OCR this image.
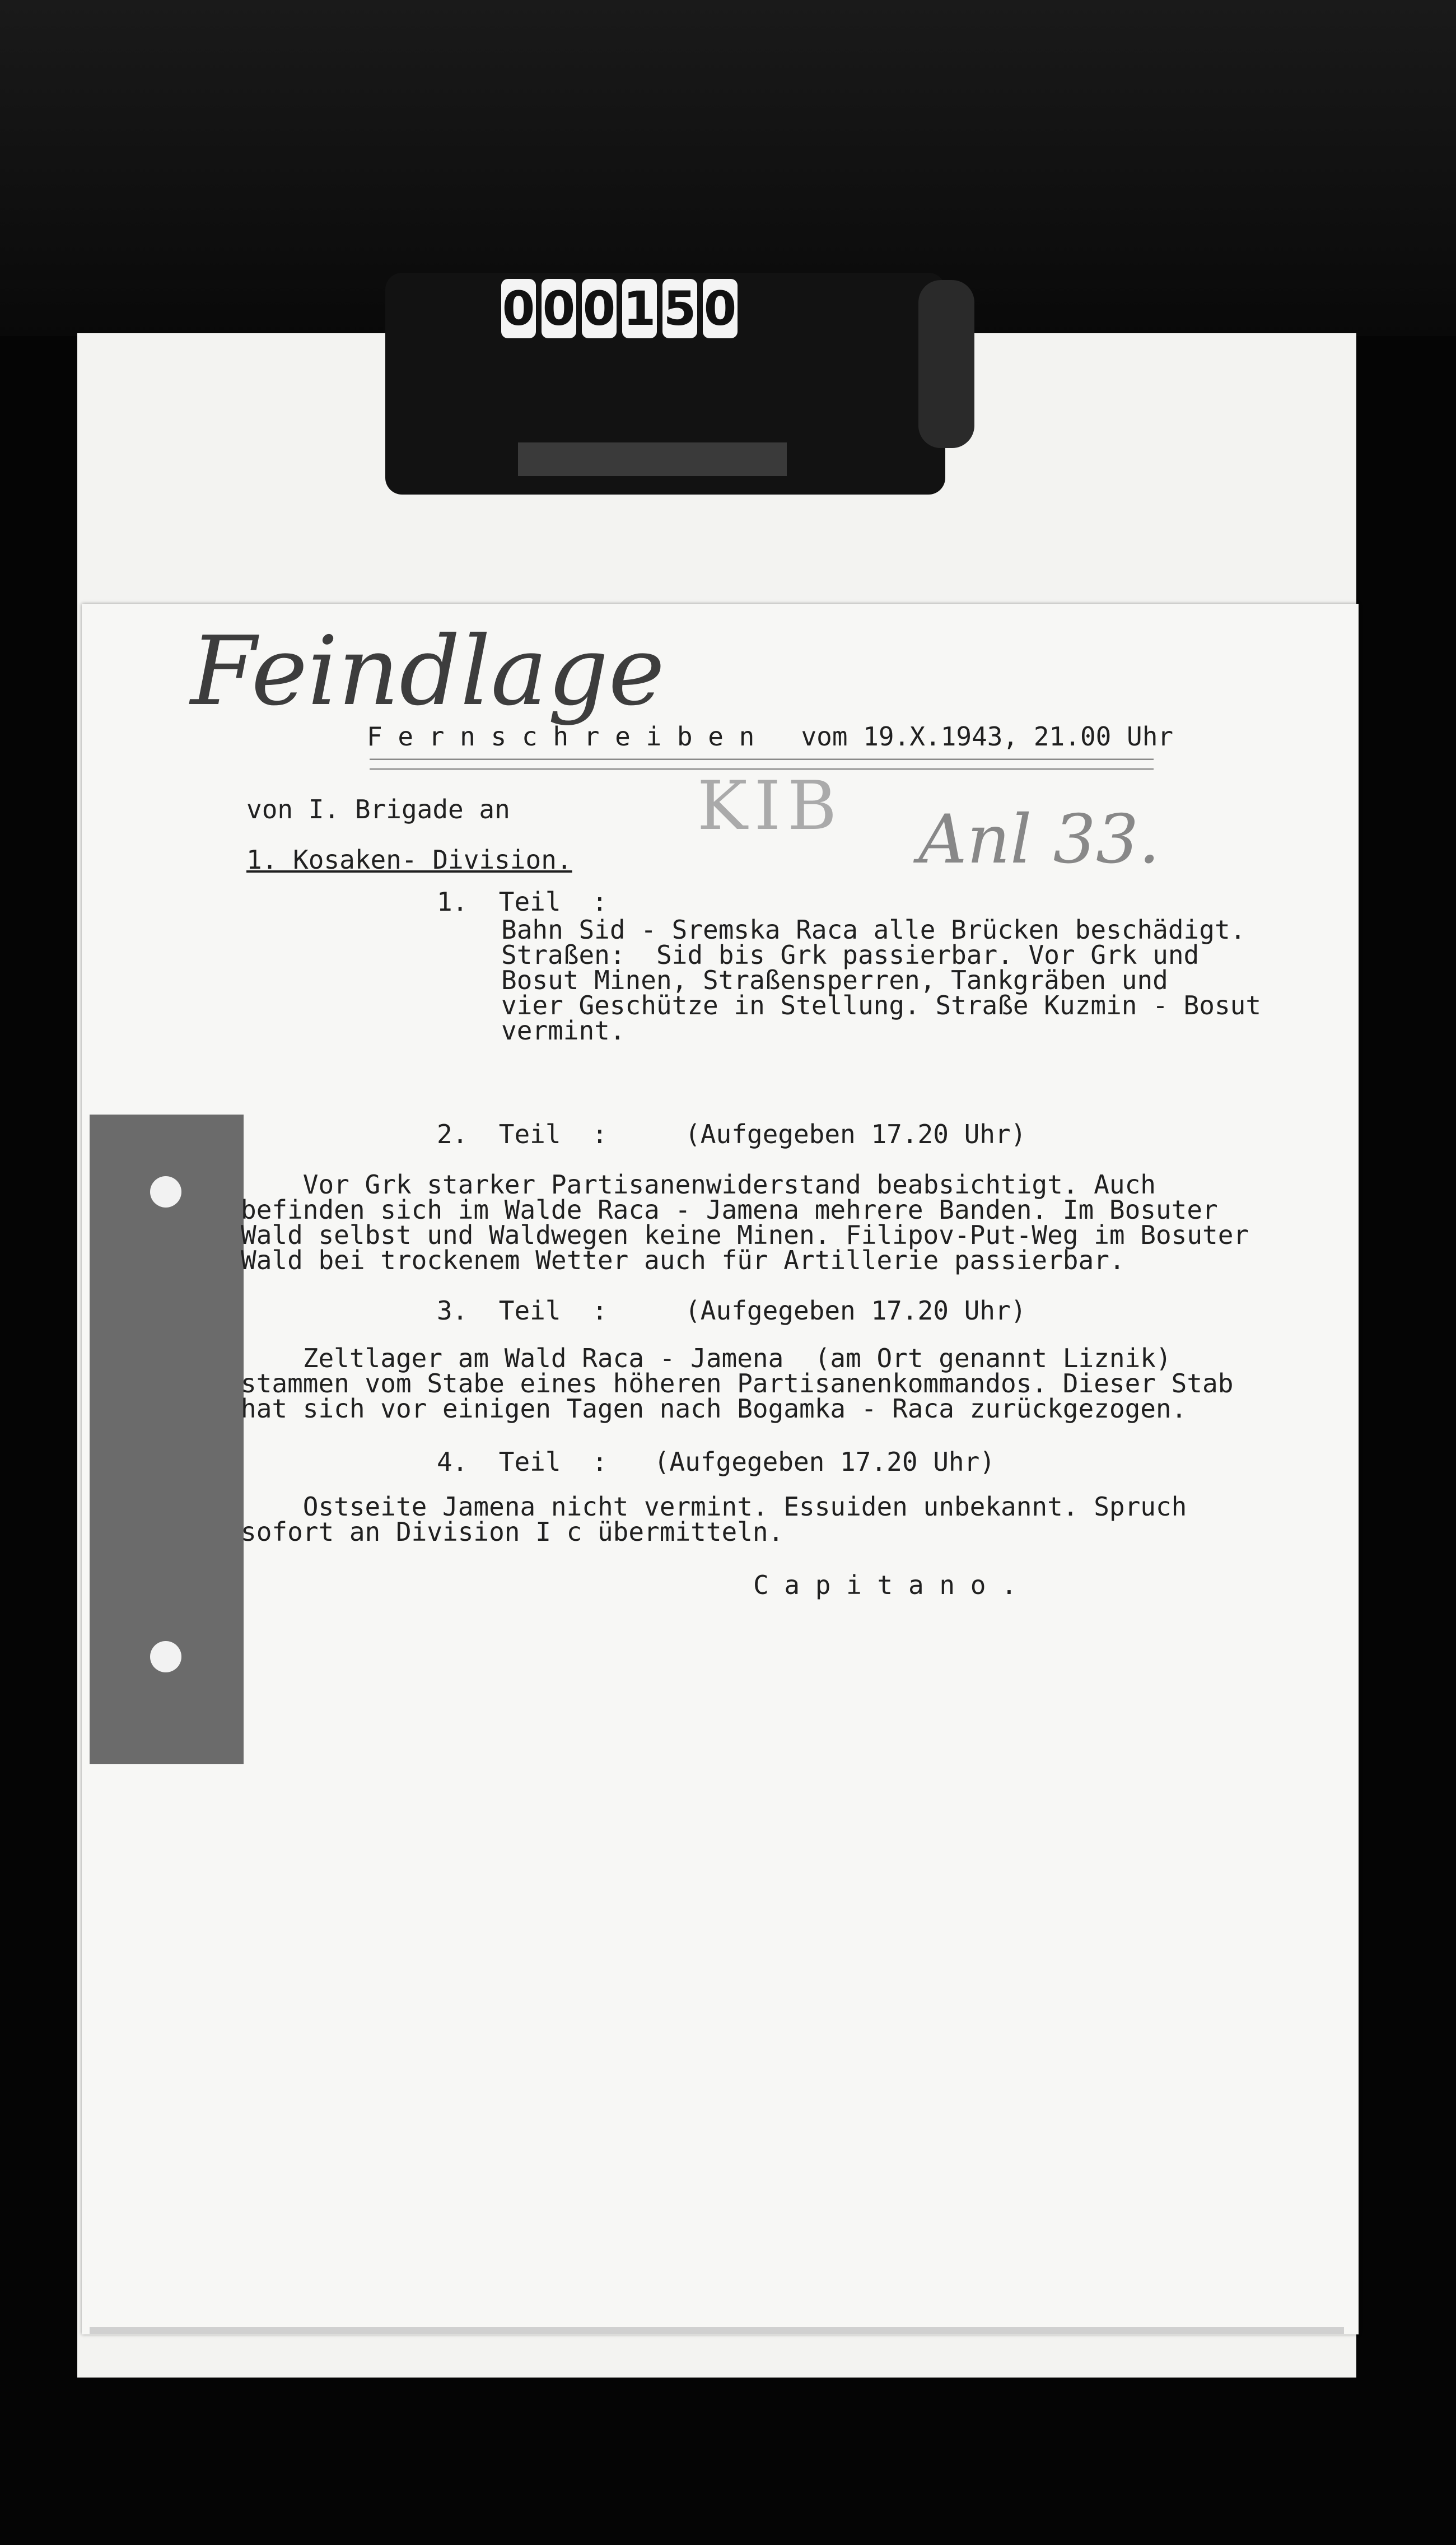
0 0 0 1 5 0
Feindlage
KIB Anl 33.

F e r n s c h r e i b e n   vom 19.X.1943, 21.00 Uhr

von I. Brigade an

1. Kosaken- Division.

1.  Teil  :

Bahn Sid - Sremska Raca alle Brücken beschädigt.

Straßen:  Sid bis Grk passierbar. Vor Grk und

Bosut Minen, Straßensperren, Tankgräben und

vier Geschütze in Stellung. Straße Kuzmin - Bosut

vermint.

2.  Teil  :     (Aufgegeben 17.20 Uhr)

Vor Grk starker Partisanenwiderstand beabsichtigt. Auch

befinden sich im Walde Raca - Jamena mehrere Banden. Im Bosuter

Wald selbst und Waldwegen keine Minen. Filipov-Put-Weg im Bosuter

Wald bei trockenem Wetter auch für Artillerie passierbar.

3.  Teil  :     (Aufgegeben 17.20 Uhr)

Zeltlager am Wald Raca - Jamena  (am Ort genannt Liznik)

stammen vom Stabe eines höheren Partisanenkommandos. Dieser Stab

hat sich vor einigen Tagen nach Bogamka - Raca zurückgezogen.

4.  Teil  :   (Aufgegeben 17.20 Uhr)

Ostseite Jamena nicht vermint. Essuiden unbekannt. Spruch

sofort an Division I c übermitteln.

C a p i t a n o .
